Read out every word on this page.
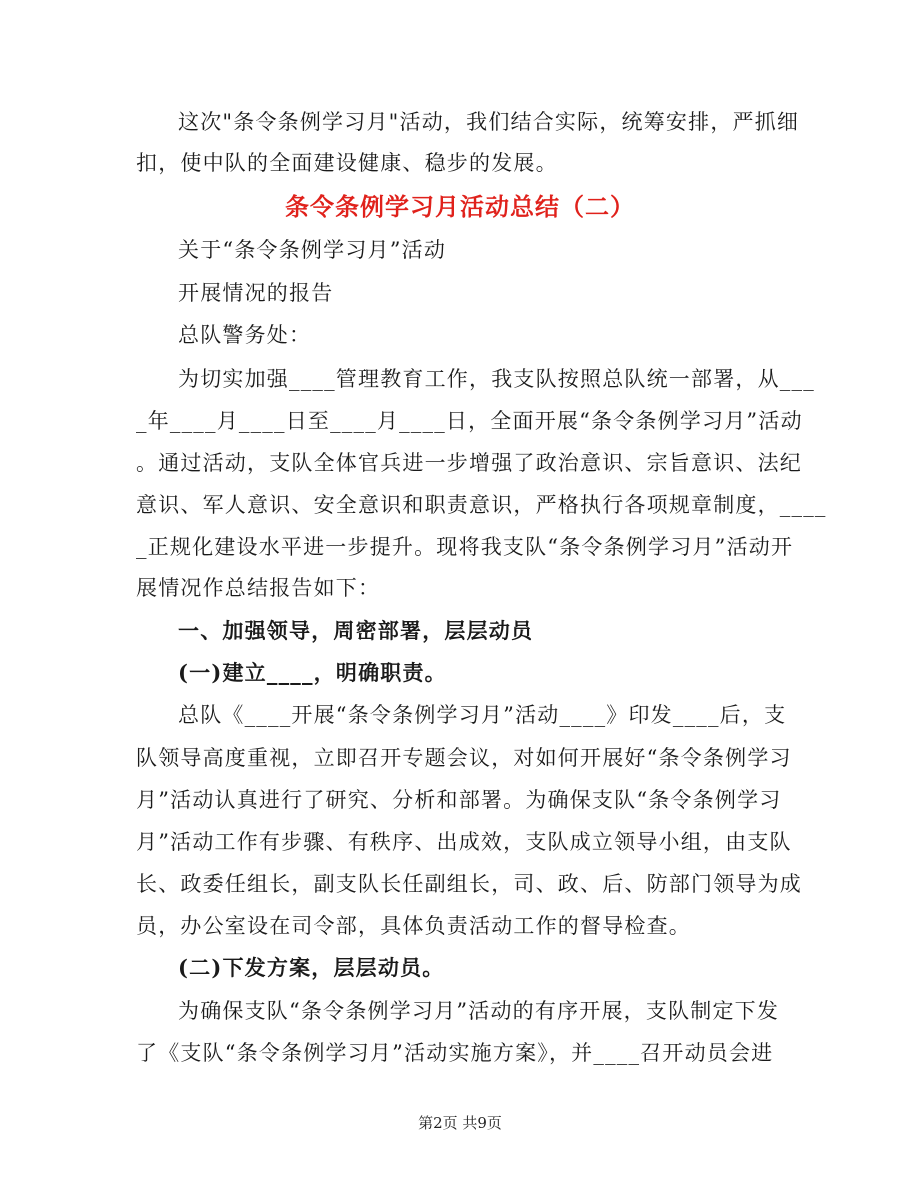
这次"条令条例学习月"活动，我们结合实际，统筹安排，严抓细
扣，使中队的全面建设健康、稳步的发展。
条令条例学习月活动总结（二）
关于“条令条例学习月”活动
开展情况的报告
总队警务处：
为切实加强____管理教育工作，我支队按照总队统一部署，从___
_年____月____日至____月____日，全面开展“条令条例学习月”活动
。通过活动，支队全体官兵进一步增强了政治意识、宗旨意识、法纪
意识、军人意识、安全意识和职责意识，严格执行各项规章制度，____
_正规化建设水平进一步提升。现将我支队“条令条例学习月”活动开
展情况作总结报告如下：
一、加强领导，周密部署，层层动员
(一)建立____，明确职责。
总队《____开展“条令条例学习月”活动____》印发____后，支
队领导高度重视，立即召开专题会议，对如何开展好“条令条例学习
月”活动认真进行了研究、分析和部署。为确保支队“条令条例学习
月”活动工作有步骤、有秩序、出成效，支队成立领导小组，由支队
长、政委任组长，副支队长任副组长，司、政、后、防部门领导为成
员，办公室设在司令部，具体负责活动工作的督导检查。
(二)下发方案，层层动员。
为确保支队“条令条例学习月”活动的有序开展，支队制定下发
了《支队“条令条例学习月”活动实施方案》，并____召开动员会进
第2页 共9页
